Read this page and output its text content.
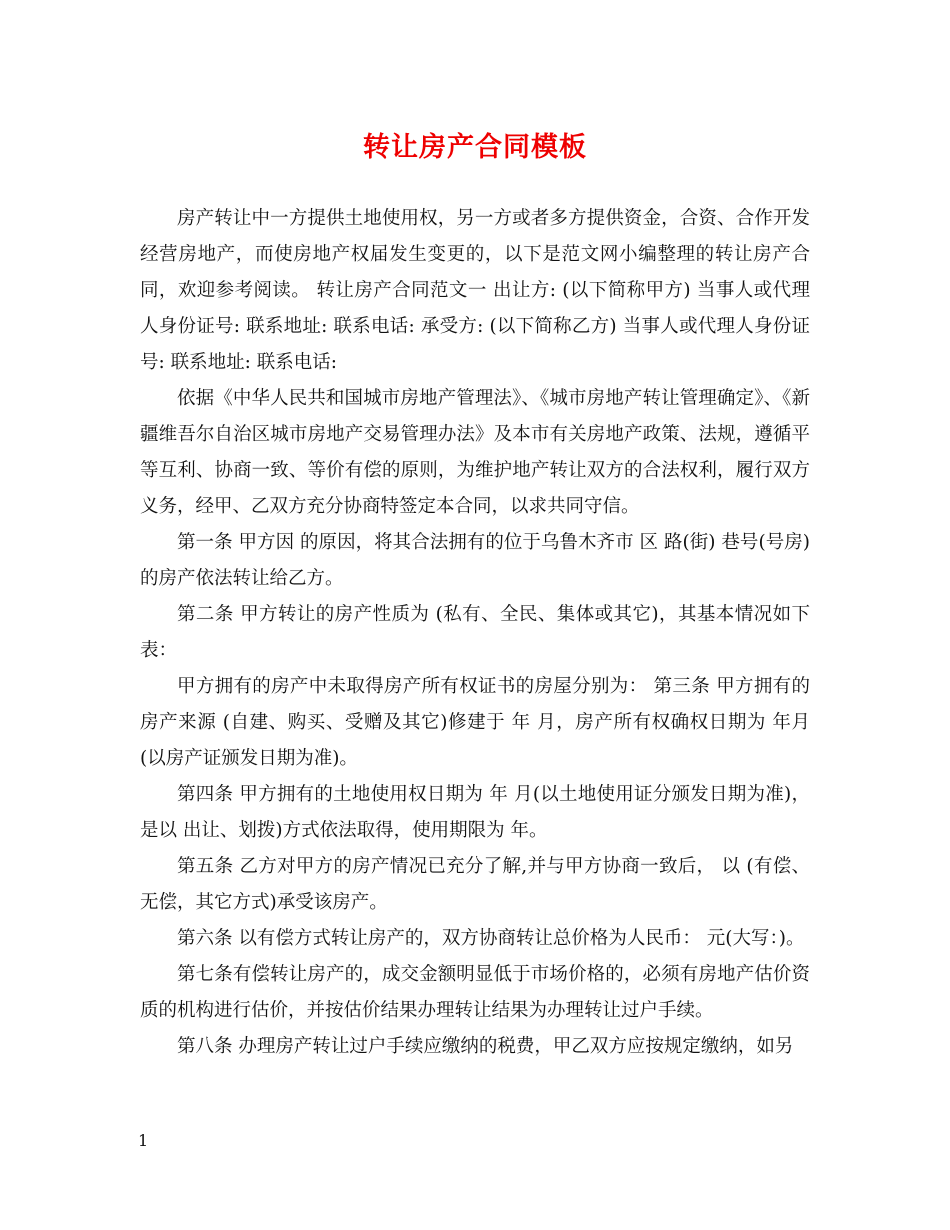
转让房产合同模板

房产转让中一方提供土地使用权，另一方或者多方提供资金，合资、合作开发经营房地产，而使房地产权届发生变更的，以下是范文网小编整理的转让房产合同，欢迎参考阅读。 转让房产合同范文一 出让方: (以下简称甲方) 当事人或代理人身份证号: 联系地址: 联系电话: 承受方: (以下简称乙方) 当事人或代理人身份证号: 联系地址: 联系电话:

依据《中华人民共和国城市房地产管理法》、《城市房地产转让管理确定》、《新疆维吾尔自治区城市房地产交易管理办法》及本市有关房地产政策、法规，遵循平等互利、协商一致、等价有偿的原则，为维护地产转让双方的合法权利，履行双方义务，经甲、乙双方充分协商特签定本合同，以求共同守信。

第一条 甲方因 的原因，将其合法拥有的位于乌鲁木齐市 区 路(街) 巷号(号房)的房产依法转让给乙方。

第二条 甲方转让的房产性质为 (私有、全民、集体或其它)，其基本情况如下表：

甲方拥有的房产中未取得房产所有权证书的房屋分别为： 第三条 甲方拥有的房产来源 (自建、购买、受赠及其它)修建于 年 月，房产所有权确权日期为 年月(以房产证颁发日期为准)。

第四条 甲方拥有的土地使用权日期为 年 月(以土地使用证分颁发日期为准)，是以 出让、划拨)方式依法取得，使用期限为 年。

第五条 乙方对甲方的房产情况已充分了解,并与甲方协商一致后， 以 (有偿、无偿，其它方式)承受该房产。

第六条 以有偿方式转让房产的，双方协商转让总价格为人民币： 元(大写：)。

第七条有偿转让房产的，成交金额明显低于市场价格的，必须有房地产估价资质的机构进行估价，并按估价结果办理转让结果为办理转让过户手续。

第八条 办理房产转让过户手续应缴纳的税费，甲乙双方应按规定缴纳，如另

1
